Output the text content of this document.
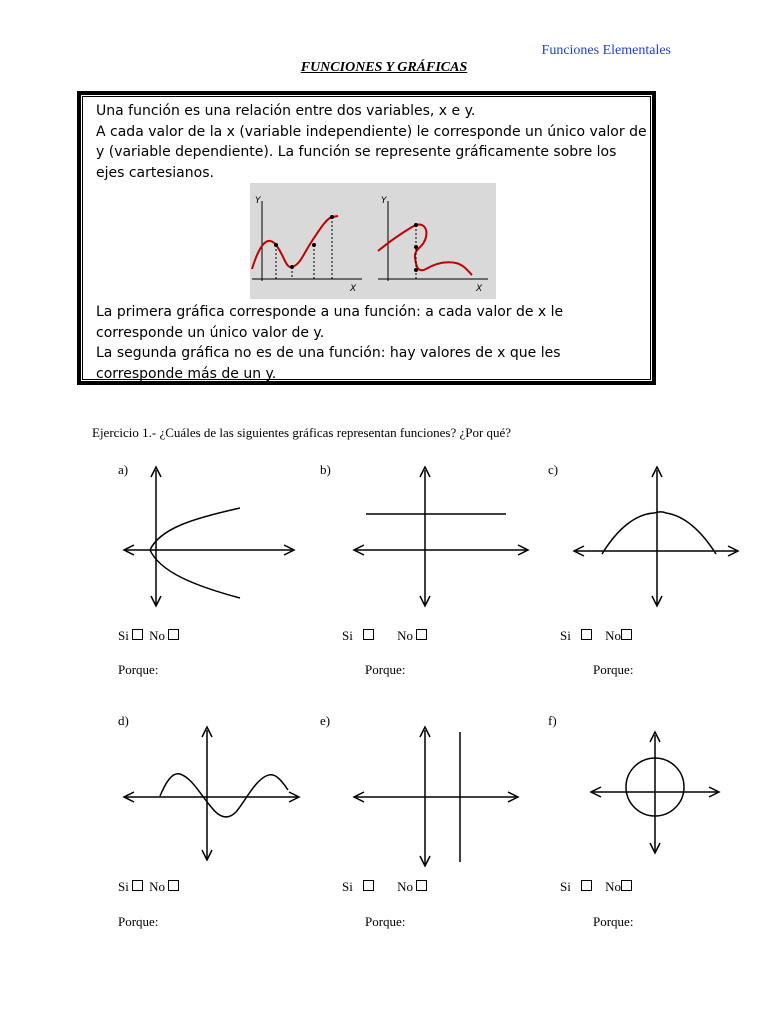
Funciones Elementales
FUNCIONES Y GRÁFICAS

Una función es una relación entre dos variables, x e y.

A cada valor de la x (variable independiente) le corresponde un único valor de

y (variable dependiente). La función se represente gráficamente sobre los

ejes cartesianos.

Y
X
Y
X

La primera gráfica corresponde a una función: a cada valor de x le

corresponde un único valor de y.

La segunda gráfica no es de una función: hay valores de x que les

corresponde más de un y.

Ejercicio 1.- ¿Cuáles de las siguientes gráficas representan funciones? ¿Por qué?
a)	b)	c)
Si No	Si	No	Si	No
Porque:	Porque:	Porque:
d)	e)	f)
Si No	Si	No	Si	No
Porque:	Porque:	Porque:
